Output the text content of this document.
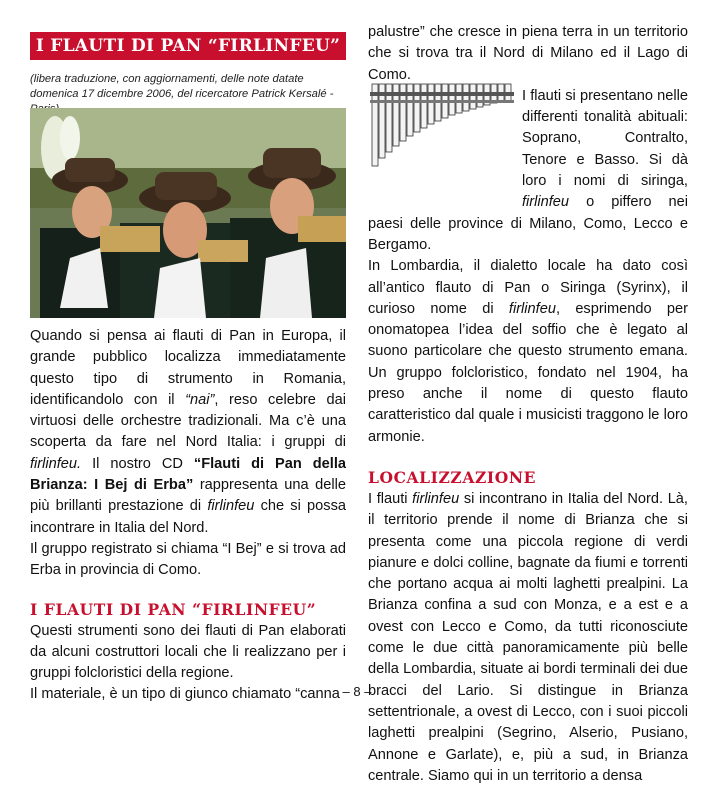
I FLAUTI DI PAN “FIRLINFEU”
(libera traduzione, con aggiornamenti, delle note datate domenica 17 dicembre 2006, del ricercatore Patrick Kersalé -

Quando si pensa ai flauti di Pan in Europa, il grande pubblico localizza immediatamente questo tipo di strumento in Romania, identificandolo con il “nai”, reso celebre dai virtuosi delle orchestre tradizionali. Ma c’è una scoperta da fare nel Nord Italia: i gruppi di firlinfeu. Il nostro CD “Flauti di Pan della Brianza: I Bej di Erba” rappresenta una delle più brillanti prestazione di firlinfeu che si possa incontrare in Italia del Nord.

Il gruppo registrato si chiama “I Bej” e si trova ad Erba in provincia di Como.

I FLAUTI DI PAN “FIRLINFEU”

Questi strumenti sono dei flauti di Pan elaborati da alcuni costruttori locali che li realizzano per i gruppi folcloristici della regione.

Il materiale, è un tipo di giunco chiamato “canna

palustre” che cresce in piena terra in un territorio che si trova tra il Nord di Milano ed il Lago di Como.

I flauti si presentano nelle differenti tonalità abituali: Soprano, Contralto, Tenore e Basso. Si dà loro i nomi di siringa, firlinfeu o piffero nei paesi delle province di Milano, Como, Lecco e Bergamo.

In Lombardia, il dialetto locale ha dato così all’antico flauto di Pan o Siringa (Syrinx), il curioso nome di firlinfeu, esprimendo per onomatopea l’idea del soffio che è legato al suono particolare che questo strumento emana. Un gruppo folcloristico, fondato nel 1904, ha preso anche il nome di questo flauto caratteristico dal quale i musicisti traggono le loro armonie.

LOCALIZZAZIONE

I flauti firlinfeu si incontrano in Italia del Nord. Là, il territorio prende il nome di Brianza che si presenta come una piccola regione di verdi pianure e dolci colline, bagnate da fiumi e torrenti che portano acqua ai molti laghetti prealpini. La Brianza confina a sud con Monza, e a est e a ovest con Lecco e Como, da tutti riconosciute come le due città panoramicamente più belle della Lombardia, situate ai bordi terminali dei due bracci del Lario. Si distingue in Brianza settentrionale, a ovest di Lecco, con i suoi piccoli laghetti prealpini (Segrino, Alserio, Pusiano, Annone e Garlate), e, più a sud, in Brianza centrale. Siamo qui in un territorio a densa

– 8 –
